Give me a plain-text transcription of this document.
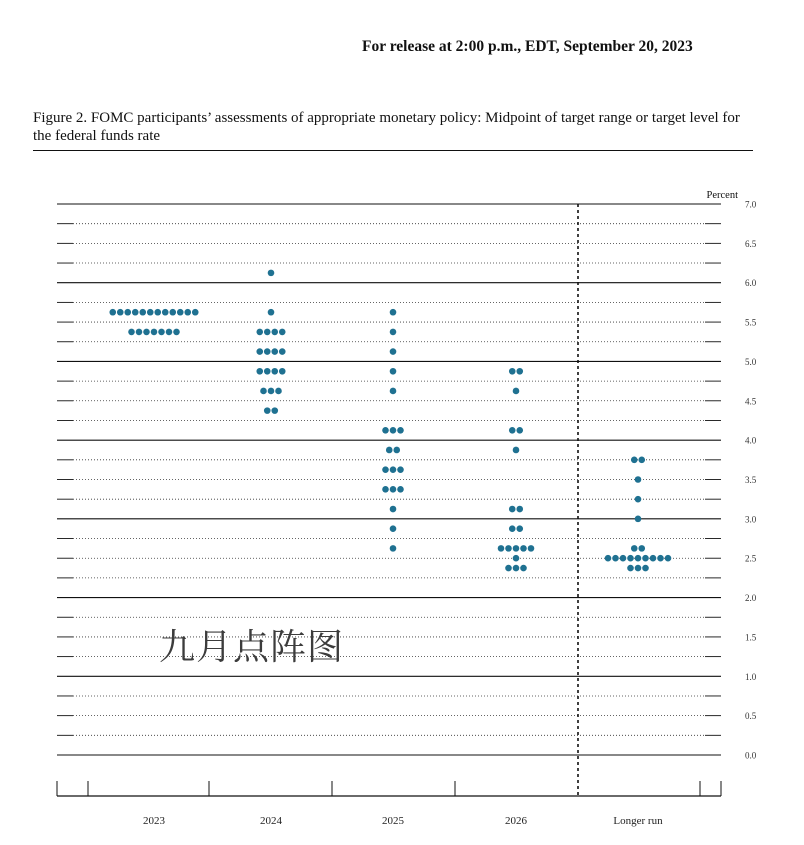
For release at 2:00 p.m., EDT, September 20, 2023
Figure 2. FOMC participants’ assessments of appropriate monetary policy: Midpoint of target range or target level for the federal funds rate
0.0
0.5
1.0
1.5
2.0
2.5
3.0
3.5
4.0
4.5
5.0
5.5
6.0
6.5
7.0
2023	2024	2025	2026	Longer run
Percent
九月点阵图
